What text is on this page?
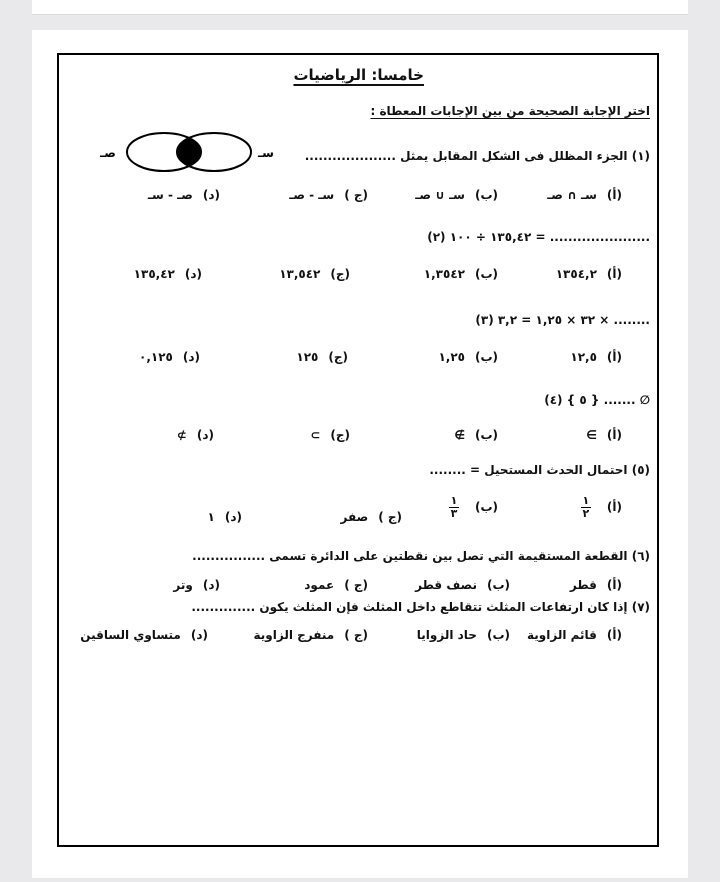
خامسا: الرياضيات
اختر الإجابة الصحيحة من بين الإجابات المعطاة :
صـ	سـ	(١) الجزء المظلل فى الشكل المقابل يمثل ....................
(أ)سـ ∩ صـ
(ب)سـ ∪ صـ
(ج )سـ - صـ
(د)صـ - سـ
(٢) ١٣٥,٤٢ ÷ ١٠٠ = ......................
(أ)١٣٥٤,٢
(ب)١,٣٥٤٢
(ج)١٣,٥٤٢
(د)١٣٥,٤٢
(٣) ٣٢ × ١,٢٥ = ٣,٢ × ........
(أ)١٢,٥
(ب)١,٢٥
(ج)١٢٥
(د)٠,١٢٥
(٤) { ٥ } ....... ∅
(أ)∋
(ب)∌
(ج)⊃
(د)⊅
(٥) احتمال الحدث المستحيل = ........
(أ)
$\frac{١}{٢}$
(ب)
$\frac{١}{٣}$
(ج )صفر
(د)١
(٦) القطعة المستقيمة التي تصل بين نقطتين على الدائرة تسمى ................
(أ)قطر
(ب)نصف قطر
(ج )عمود
(د)وتر
(٧) إذا كان ارتفاعات المثلث تتقاطع داخل المثلث فإن المثلث يكون ..............
(أ)قائم الزاوية
(ب)حاد الزوايا
(ج )منفرج الزاوية
(د)متساوي الساقين
